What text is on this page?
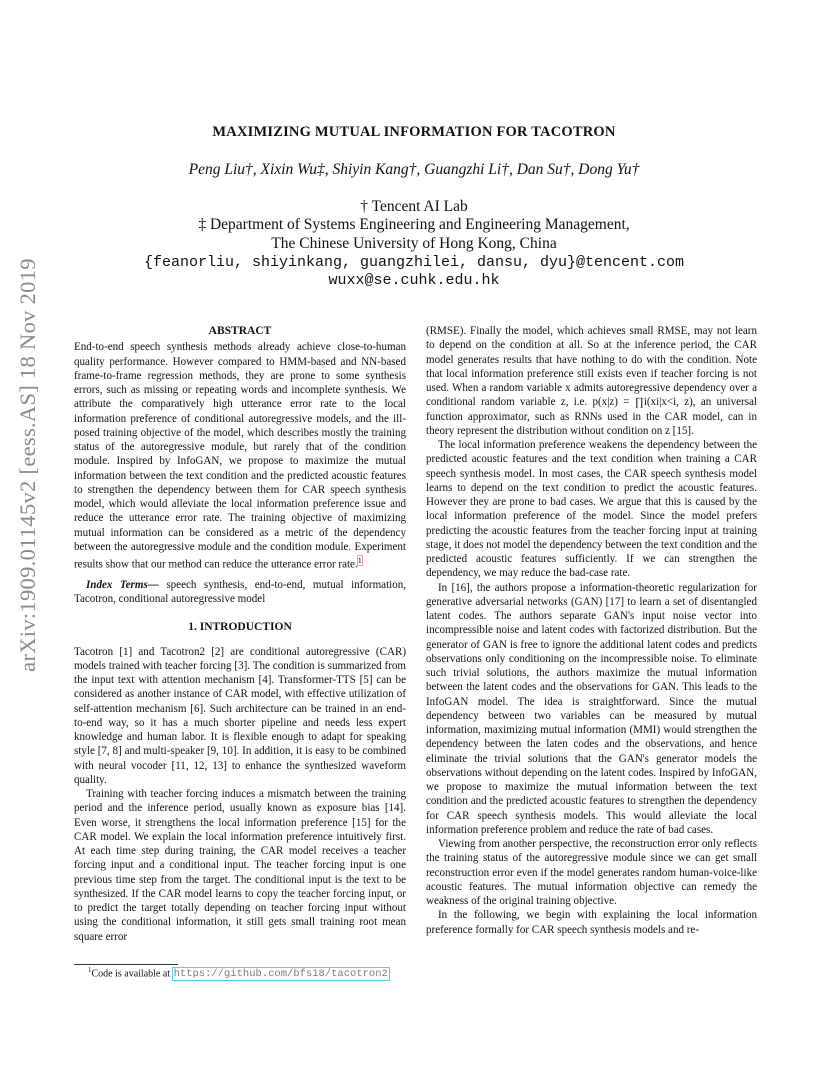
arXiv:1909.01145v2 [eess.AS] 18 Nov 2019
MAXIMIZING MUTUAL INFORMATION FOR TACOTRON
Peng Liu†, Xixin Wu‡, Shiyin Kang†, Guangzhi Li†, Dan Su†, Dong Yu†
† Tencent AI Lab
‡ Department of Systems Engineering and Engineering Management,
The Chinese University of Hong Kong, China
{feanorliu, shiyinkang, guangzhilei, dansu, dyu}@tencent.com
wuxx@se.cuhk.edu.hk

ABSTRACT

End-to-end speech synthesis methods already achieve close-to-human quality performance. However compared to HMM-based and NN-based frame-to-frame regression methods, they are prone to some synthesis errors, such as missing or repeating words and incomplete synthesis. We attribute the comparatively high utterance error rate to the local information preference of conditional autoregressive models, and the ill-posed training objective of the model, which describes mostly the training status of the autoregressive module, but rarely that of the condition module. Inspired by InfoGAN, we propose to maximize the mutual information between the text condition and the predicted acoustic features to strengthen the dependency between them for CAR speech synthesis model, which would alleviate the local information preference issue and reduce the utterance error rate. The training objective of maximizing mutual information can be considered as a metric of the dependency between the autoregressive module and the condition module. Experiment results show that our method can reduce the utterance error rate.$^1$

Index Terms— speech synthesis, end-to-end, mutual information, Tacotron, conditional autoregressive model

1. INTRODUCTION

Tacotron [1] and Tacotron2 [2] are conditional autoregressive (CAR) models trained with teacher forcing [3]. The condition is summarized from the input text with attention mechanism [4]. Transformer-TTS [5] can be considered as another instance of CAR model, with effective utilization of self-attention mechanism [6]. Such architecture can be trained in an end-to-end way, so it has a much shorter pipeline and needs less expert knowledge and human labor. It is flexible enough to adapt for speaking style [7, 8] and multi-speaker [9, 10]. In addition, it is easy to be combined with neural vocoder [11, 12, 13] to enhance the synthesized waveform quality.

Training with teacher forcing induces a mismatch between the training period and the inference period, usually known as exposure bias [14]. Even worse, it strengthens the local information preference [15] for the CAR model. We explain the local information preference intuitively first. At each time step during training, the CAR model receives a teacher forcing input and a conditional input. The teacher forcing input is one previous time step from the target. The conditional input is the text to be synthesized. If the CAR model learns to copy the teacher forcing input, or to predict the target totally depending on teacher forcing input without using the conditional information, it still gets small training root mean square error

$^1$Code is available at https://github.com/bfs18/tacotron2

(RMSE). Finally the model, which achieves small RMSE, may not learn to depend on the condition at all. So at the inference period, the CAR model generates results that have nothing to do with the condition. Note that local information preference still exists even if teacher forcing is not used. When a random variable x admits autoregressive dependency over a conditional random variable z, i.e. p(x|z) = ∏i(xi|x<i, z), an universal function approximator, such as RNNs used in the CAR model, can in theory represent the distribution without condition on z [15].

The local information preference weakens the dependency between the predicted acoustic features and the text condition when training a CAR speech synthesis model. In most cases, the CAR speech synthesis model learns to depend on the text condition to predict the acoustic features. However they are prone to bad cases. We argue that this is caused by the local information preference of the model. Since the model prefers predicting the acoustic features from the teacher forcing input at training stage, it does not model the dependency between the text condition and the predicted acoustic features sufficiently. If we can strengthen the dependency, we may reduce the bad-case rate.

In [16], the authors propose a information-theoretic regularization for generative adversarial networks (GAN) [17] to learn a set of disentangled latent codes. The authors separate GAN's input noise vector into incompressible noise and latent codes with factorized distribution. But the generator of GAN is free to ignore the additional latent codes and predicts observations only conditioning on the incompressible noise. To eliminate such trivial solutions, the authors maximize the mutual information between the latent codes and the observations for GAN. This leads to the InfoGAN model. The idea is straightforward. Since the mutual dependency between two variables can be measured by mutual information, maximizing mutual information (MMI) would strengthen the dependency between the laten codes and the observations, and hence eliminate the trivial solutions that the GAN's generator models the observations without depending on the latent codes. Inspired by InfoGAN, we propose to maximize the mutual information between the text condition and the predicted acoustic features to strengthen the dependency for CAR speech synthesis models. This would alleviate the local information preference problem and reduce the rate of bad cases.

Viewing from another perspective, the reconstruction error only reflects the training status of the autoregressive module since we can get small reconstruction error even if the model generates random human-voice-like acoustic features. The mutual information objective can remedy the weakness of the original training objective.

In the following, we begin with explaining the local information preference formally for CAR speech synthesis models and re-
